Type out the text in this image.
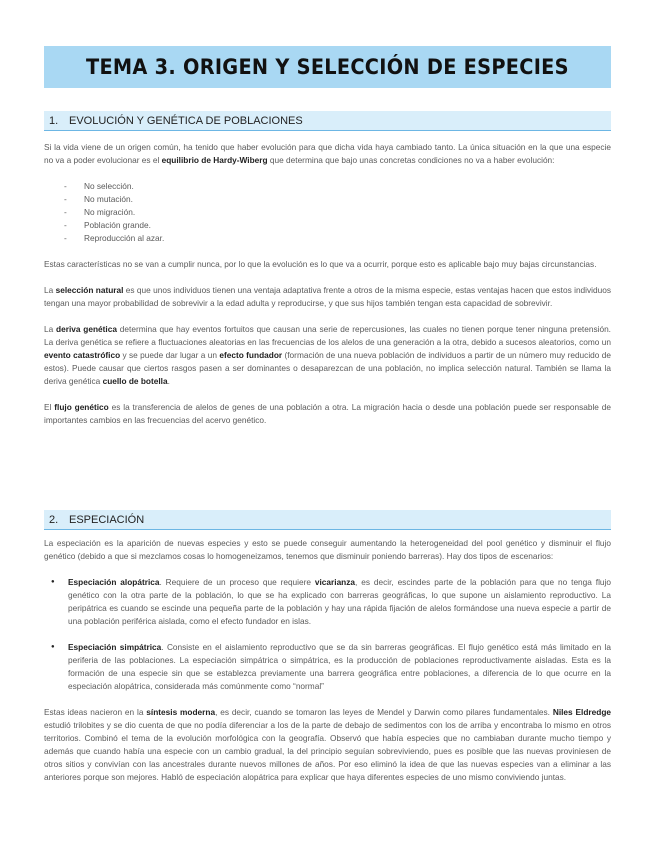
TEMA 3. ORIGEN Y SELECCIÓN DE ESPECIES
1. EVOLUCIÓN Y GENÉTICA DE POBLACIONES

Si la vida viene de un origen común, ha tenido que haber evolución para que dicha vida haya cambiado tanto. La única situación en la que una especie no va a poder evolucionar es el equilibrio de Hardy-Wiberg que determina que bajo unas concretas condiciones no va a haber evolución:

- No selección.
- No mutación.
- No migración.
- Población grande.
- Reproducción al azar.

Estas características no se van a cumplir nunca, por lo que la evolución es lo que va a ocurrir, porque esto es aplicable bajo muy bajas circunstancias.

La selección natural es que unos individuos tienen una ventaja adaptativa frente a otros de la misma especie, estas ventajas hacen que estos individuos tengan una mayor probabilidad de sobrevivir a la edad adulta y reproducirse, y que sus hijos también tengan esta capacidad de sobrevivir.

La deriva genética determina que hay eventos fortuitos que causan una serie de repercusiones, las cuales no tienen porque tener ninguna pretensión. La deriva genética se refiere a fluctuaciones aleatorias en las frecuencias de los alelos de una generación a la otra, debido a sucesos aleatorios, como un evento catastrófico y se puede dar lugar a un efecto fundador (formación de una nueva población de individuos a partir de un número muy reducido de estos). Puede causar que ciertos rasgos pasen a ser dominantes o desaparezcan de una población, no implica selección natural. También se llama la deriva genética cuello de botella.

El flujo genético es la transferencia de alelos de genes de una población a otra. La migración hacia o desde una población puede ser responsable de importantes cambios en las frecuencias del acervo genético.

2. ESPECIACIÓN

La especiación es la aparición de nuevas especies y esto se puede conseguir aumentando la heterogeneidad del pool genético y disminuir el flujo genético (debido a que si mezclamos cosas lo homogeneizamos, tenemos que disminuir poniendo barreras). Hay dos tipos de escenarios:

● Especiación alopátrica. Requiere de un proceso que requiere vicarianza, es decir, escindes parte de la población para que no tenga flujo genético con la otra parte de la población, lo que se ha explicado con barreras geográficas, lo que supone un aislamiento reproductivo. La peripátrica es cuando se escinde una pequeña parte de la población y hay una rápida fijación de alelos formándose una nueva especie a partir de una población periférica aislada, como el efecto fundador en islas.
● Especiación simpátrica. Consiste en el aislamiento reproductivo que se da sin barreras geográficas. El flujo genético está más limitado en la periferia de las poblaciones. La especiación simpátrica o simpátrica, es la producción de poblaciones reproductivamente aisladas. Esta es la formación de una especie sin que se establezca previamente una barrera geográfica entre poblaciones, a diferencia de lo que ocurre en la especiación alopátrica, considerada más comúnmente como “normal”

Estas ideas nacieron en la síntesis moderna, es decir, cuando se tomaron las leyes de Mendel y Darwin como pilares fundamentales. Niles Eldredge estudió trilobites y se dio cuenta de que no podía diferenciar a los de la parte de debajo de sedimentos con los de arriba y encontraba lo mismo en otros territorios. Combinó el tema de la evolución morfológica con la geografía. Observó que había especies que no cambiaban durante mucho tiempo y además que cuando había una especie con un cambio gradual, la del principio seguían sobreviviendo, pues es posible que las nuevas proviniesen de otros sitios y convivían con las ancestrales durante nuevos millones de años. Por eso eliminó la idea de que las nuevas especies van a eliminar a las anteriores porque son mejores. Habló de especiación alopátrica para explicar que haya diferentes especies de uno mismo conviviendo juntas.
